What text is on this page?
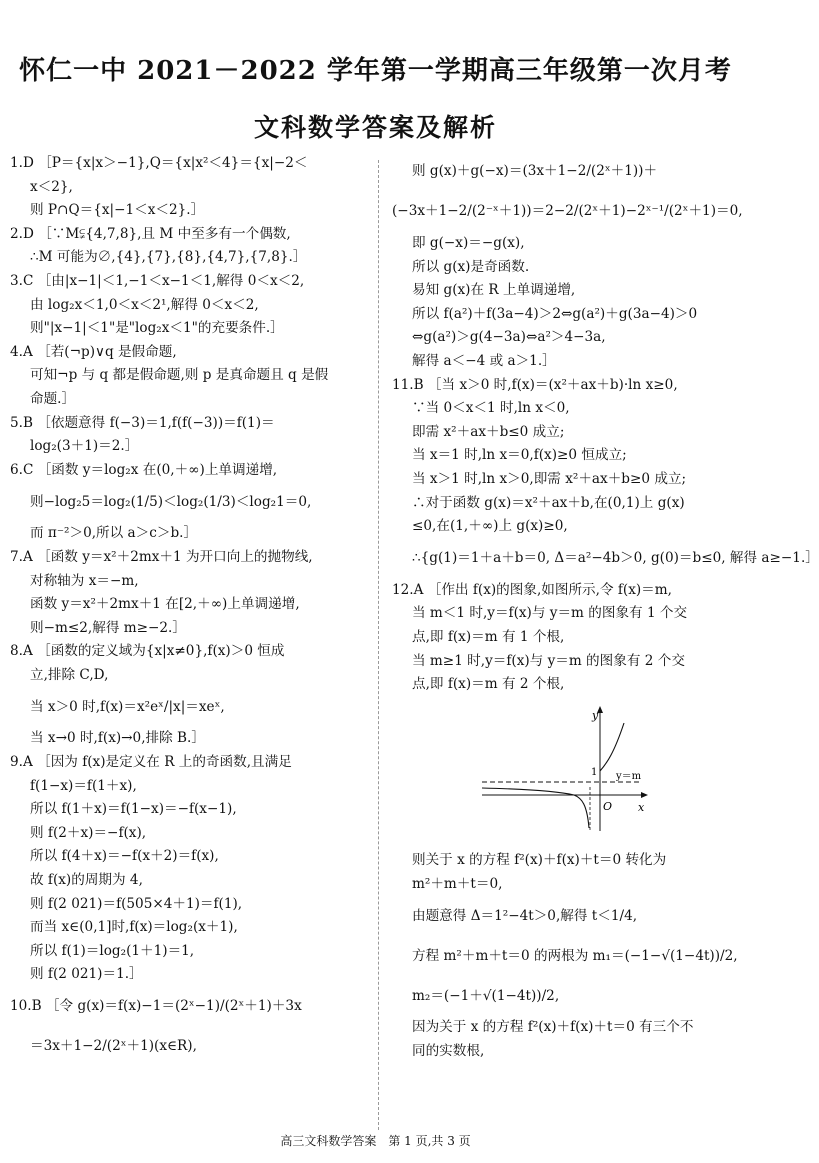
怀仁一中 2021－2022 学年第一学期高三年级第一次月考
文科数学答案及解析
1.D ［P＝{x|x＞−1},Q＝{x|x²＜4}＝{x|−2＜
x＜2},
则 P∩Q＝{x|−1＜x＜2}.］
2.D ［∵M⫋{4,7,8},且 M 中至多有一个偶数,
∴M 可能为∅,{4},{7},{8},{4,7},{7,8}.］
3.C ［由|x−1|＜1,−1＜x−1＜1,解得 0＜x＜2,
由 log₂x＜1,0＜x＜2¹,解得 0＜x＜2,
则"|x−1|＜1"是"log₂x＜1"的充要条件.］
4.A ［若(¬p)∨q 是假命题,
可知¬p 与 q 都是假命题,则 p 是真命题且 q 是假
命题.］
5.B ［依题意得 f(−3)＝1,f(f(−3))＝f(1)＝
log₂(3＋1)＝2.］
6.C ［函数 y＝log₂x 在(0,＋∞)上单调递增,
则−log₂5＝log₂(1/5)＜log₂(1/3)＜log₂1＝0,
而 π⁻²＞0,所以 a＞c＞b.］
7.A ［函数 y＝x²＋2mx＋1 为开口向上的抛物线,
对称轴为 x＝−m,
函数 y＝x²＋2mx＋1 在[2,＋∞)上单调递增,
则−m≤2,解得 m≥−2.］
8.A ［函数的定义域为{x|x≠0},f(x)＞0 恒成
立,排除 C,D,
当 x＞0 时,f(x)＝x²eˣ/|x|＝xeˣ,
当 x→0 时,f(x)→0,排除 B.］
9.A ［因为 f(x)是定义在 R 上的奇函数,且满足
f(1−x)＝f(1＋x),
所以 f(1＋x)＝f(1−x)＝−f(x−1),
则 f(2＋x)＝−f(x),
所以 f(4＋x)＝−f(x＋2)＝f(x),
故 f(x)的周期为 4,
则 f(2 021)＝f(505×4＋1)＝f(1),
而当 x∈(0,1]时,f(x)＝log₂(x＋1),
所以 f(1)＝log₂(1＋1)＝1,
则 f(2 021)＝1.］
10.B ［令 g(x)＝f(x)−1＝(2ˣ−1)/(2ˣ＋1)＋3x
＝3x＋1−2/(2ˣ＋1)(x∈R),
则 g(x)＋g(−x)＝(3x＋1−2/(2ˣ＋1))＋
(−3x＋1−2/(2⁻ˣ＋1))＝2−2/(2ˣ＋1)−2ˣ⁻¹/(2ˣ＋1)＝0,
即 g(−x)＝−g(x),
所以 g(x)是奇函数.
易知 g(x)在 R 上单调递增,
所以 f(a²)＋f(3a−4)＞2⇔g(a²)＋g(3a−4)＞0
⇔g(a²)＞g(4−3a)⇔a²＞4−3a,
解得 a＜−4 或 a＞1.］
11.B ［当 x＞0 时,f(x)＝(x²＋ax＋b)·ln x≥0,
∵当 0＜x＜1 时,ln x＜0,
即需 x²＋ax＋b≤0 成立;
当 x＝1 时,ln x＝0,f(x)≥0 恒成立;
当 x＞1 时,ln x＞0,即需 x²＋ax＋b≥0 成立;
∴对于函数 g(x)＝x²＋ax＋b,在(0,1)上 g(x)
≤0,在(1,＋∞)上 g(x)≥0,
∴{g(1)＝1＋a＋b＝0, Δ＝a²−4b＞0, g(0)＝b≤0, 解得 a≥−1.］
12.A ［作出 f(x)的图象,如图所示,令 f(x)＝m,
当 m＜1 时,y＝f(x)与 y＝m 的图象有 1 个交
点,即 f(x)＝m 有 1 个根,
当 m≥1 时,y＝f(x)与 y＝m 的图象有 2 个交
点,即 f(x)＝m 有 2 个根,
y
x
O
1 y＝m
则关于 x 的方程 f²(x)＋f(x)＋t＝0 转化为
m²＋m＋t＝0,
由题意得 Δ＝1²−4t＞0,解得 t＜1/4,
方程 m²＋m＋t＝0 的两根为 m₁＝(−1−√(1−4t))/2,
m₂＝(−1＋√(1−4t))/2,
因为关于 x 的方程 f²(x)＋f(x)＋t＝0 有三个不
同的实数根,
高三文科数学答案　第 1 页,共 3 页
